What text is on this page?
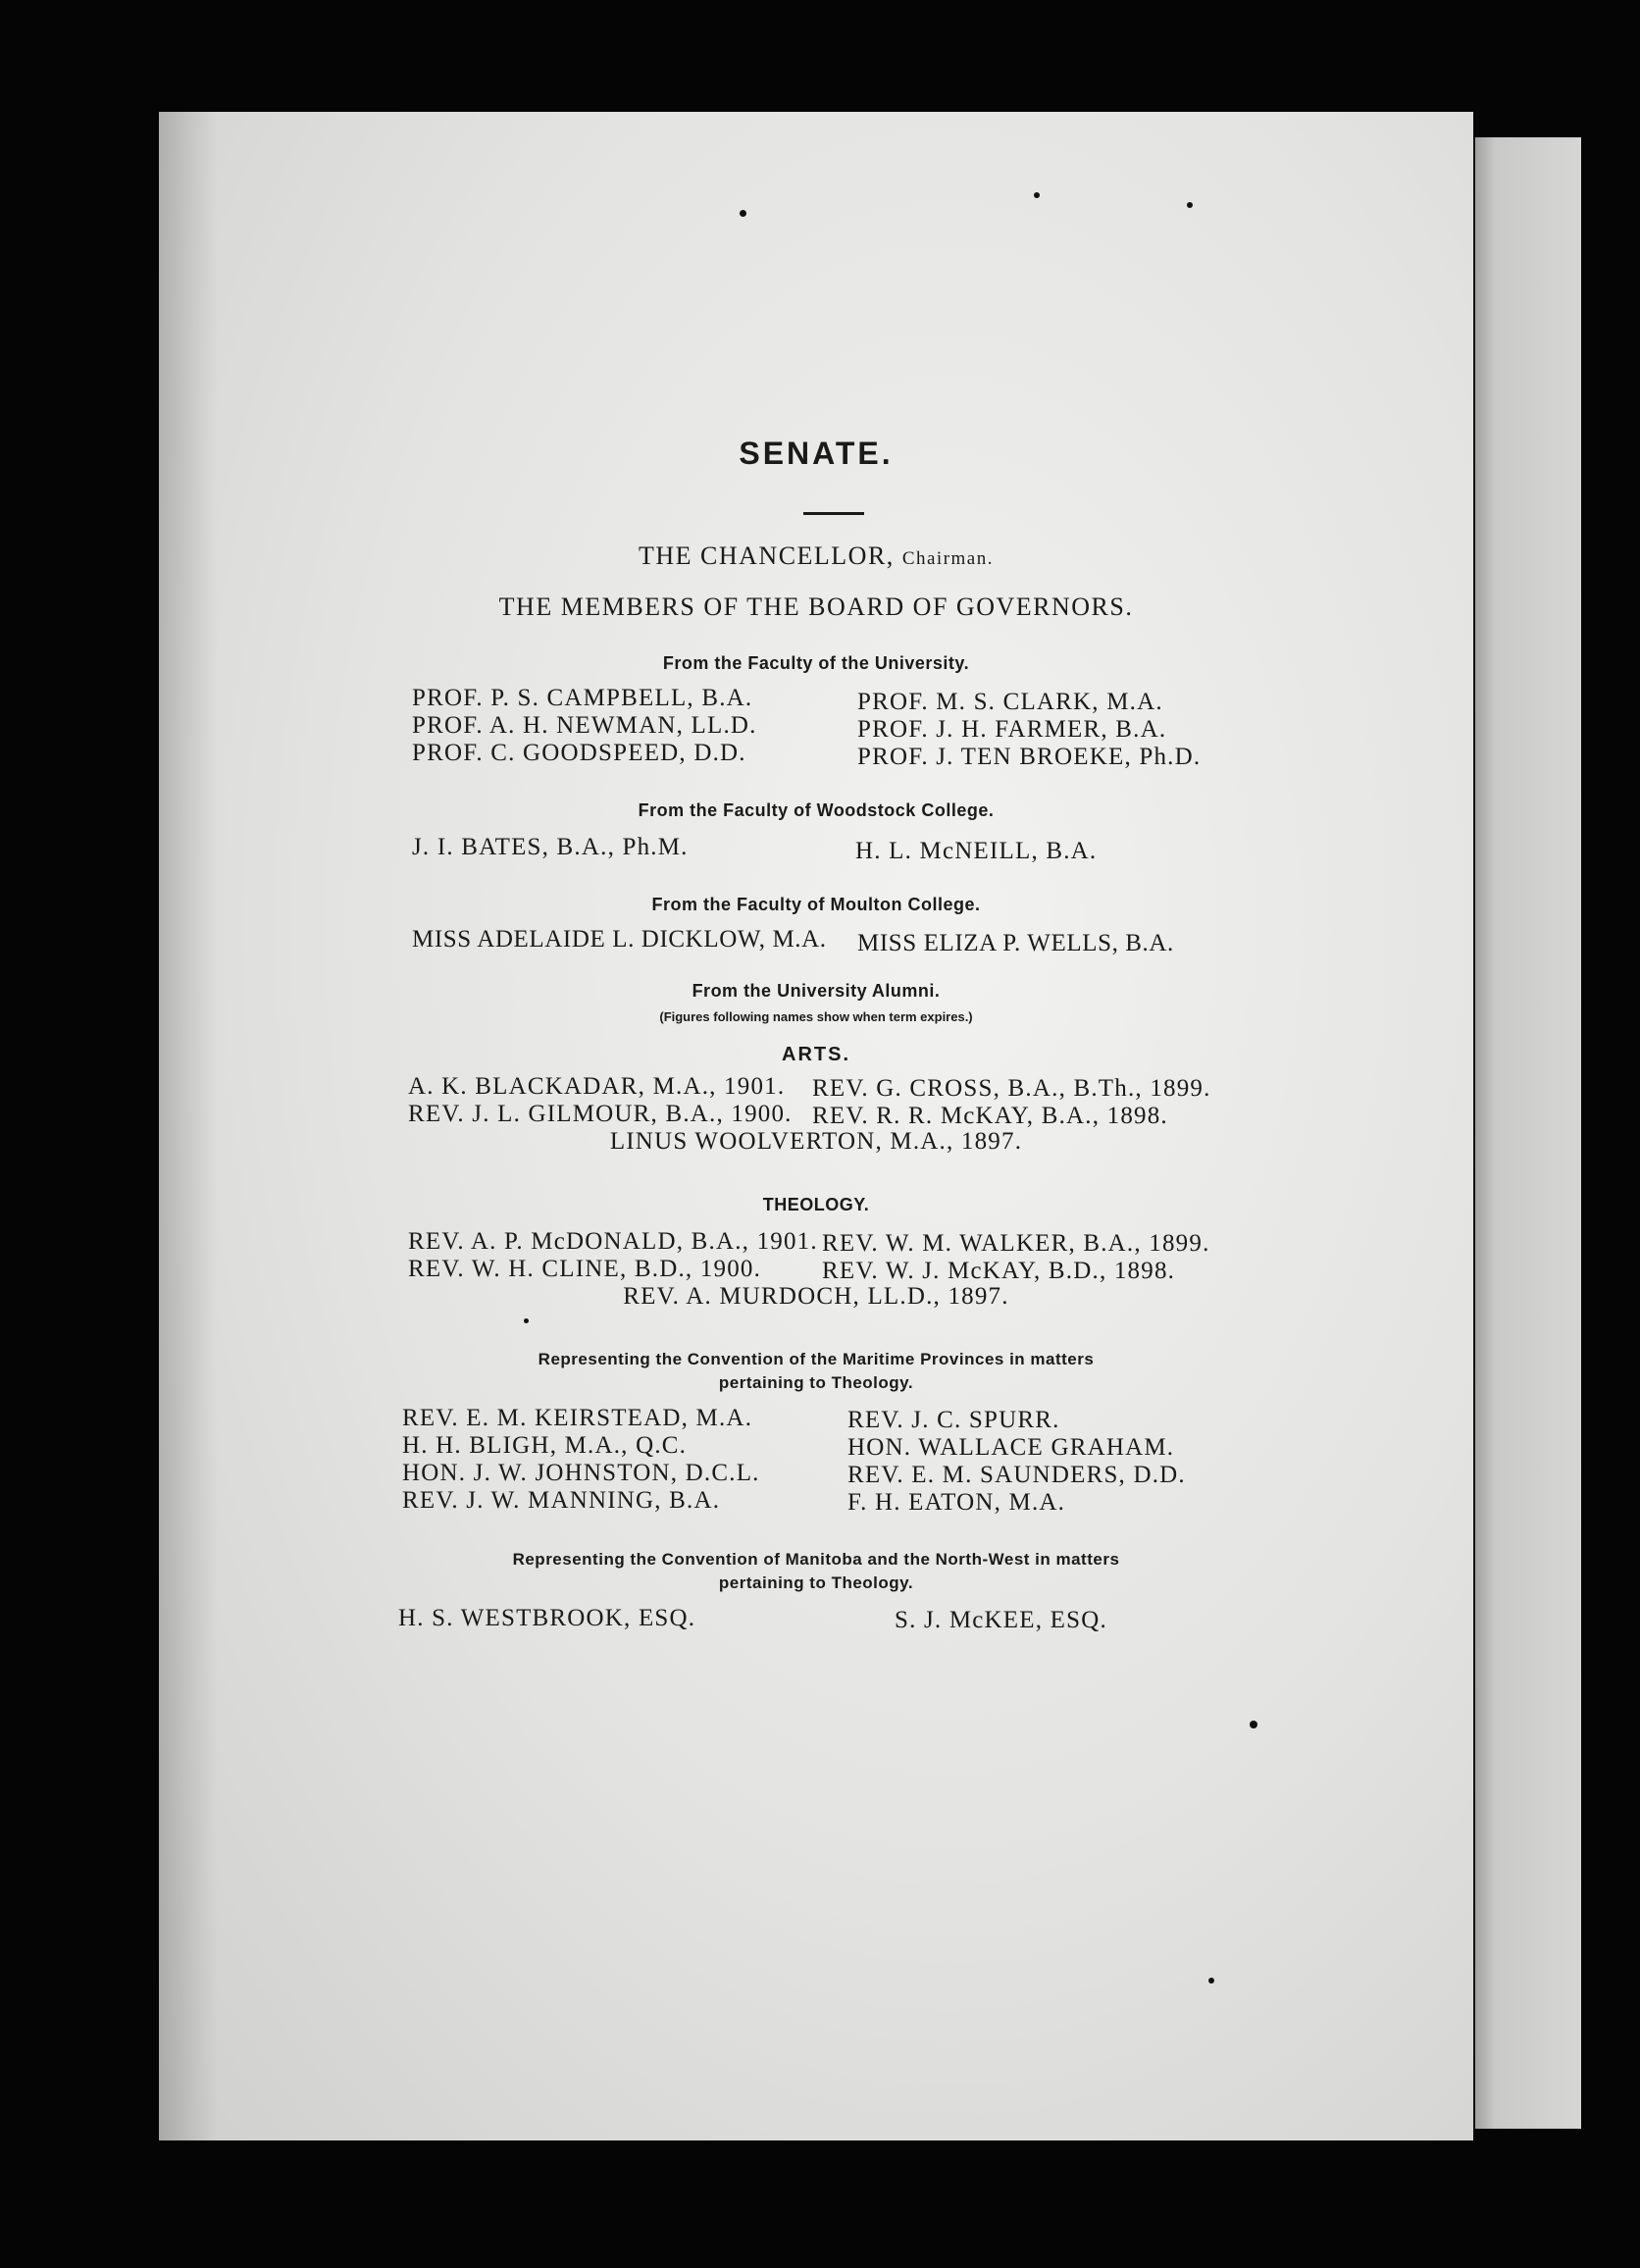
SENATE.
THE CHANCELLOR, Chairman.
THE MEMBERS OF THE BOARD OF GOVERNORS.
From the Faculty of the University.
PROF. P. S. CAMPBELL, B.A.
PROF. A. H. NEWMAN, LL.D.
PROF. C. GOODSPEED, D.D.
PROF. M. S. CLARK, M.A.
PROF. J. H. FARMER, B.A.
PROF. J. TEN BROEKE, Ph.D.
From the Faculty of Woodstock College.
J. I. BATES, B.A., Ph.M.	H. L. McNEILL, B.A.
From the Faculty of Moulton College.
MISS ADELAIDE L. DICKLOW, M.A. MISS ELIZA P. WELLS, B.A.
From the University Alumni.
(Figures following names show when term expires.)
ARTS.
A. K. BLACKADAR, M.A., 1901.
REV. J. L. GILMOUR, B.A., 1900.
REV. G. CROSS, B.A., B.Th., 1899.
REV. R. R. McKAY, B.A., 1898.
LINUS WOOLVERTON, M.A., 1897.
THEOLOGY.
REV. A. P. McDONALD, B.A., 1901.
REV. W. H. CLINE, B.D., 1900.
REV. W. M. WALKER, B.A., 1899.
REV. W. J. McKAY, B.D., 1898.
REV. A. MURDOCH, LL.D., 1897.
Representing the Convention of the Maritime Provinces in matters
pertaining to Theology.
REV. E. M. KEIRSTEAD, M.A.
H. H. BLIGH, M.A., Q.C.
HON. J. W. JOHNSTON, D.C.L.
REV. J. W. MANNING, B.A.
REV. J. C. SPURR.
HON. WALLACE GRAHAM.
REV. E. M. SAUNDERS, D.D.
F. H. EATON, M.A.
Representing the Convention of Manitoba and the North-West in matters
pertaining to Theology.
H. S. WESTBROOK, ESQ.	S. J. McKEE, ESQ.
